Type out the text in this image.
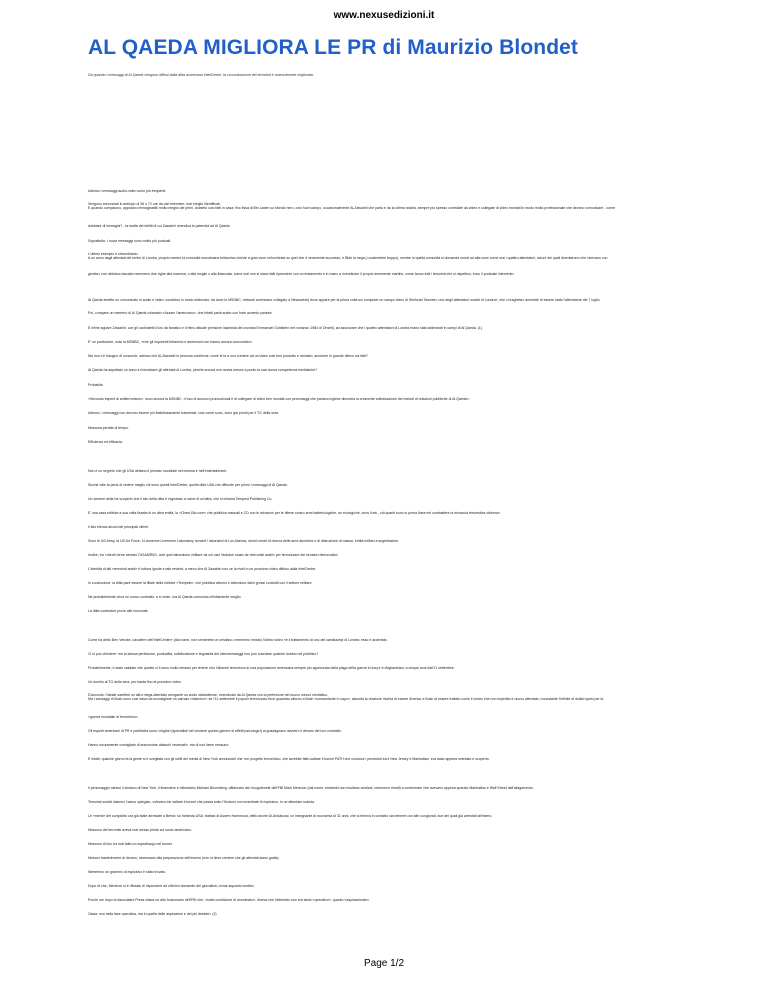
www.nexusedizioni.it
AL QAEDA MIGLIORA LE PR di Maurizio Blondet
Da quando i messaggi di Al Qaeda vengono diffusi dalla ditta americana IntelCenter, la comunicazione dei terroristi è notevolmente migliorata.

Adesso i messaggi audio-video sono più frequenti.

Vengono annunciati in anticipo di 36 o 72 ore da vari telemixer, mai meglio identificati.
E quando compaiono, appaiono immaginabili molto meglio dei primi, dotatevi così fatti in casa; fino fissa di Bin Laden su sfondo nero, così fuori campo, occasionalmente Al-Zawahiri che parla e da la ultima notizia, sempre più spesso corredate da video e collegate di video montati in modo molto professionale che devono comunicare - come

dubbiare di immagini? - la realtà dei delitti di cui Zawahiri rivendica la paternità ad Al Qaeda.

Soprattutto, i nuovi messaggi sono molto più puntuali.

L'ultimo esempio è straordinario.
A un anno dagli attentati del metrò di Londra, proprio mentre la comunità musulmana britannica chiede a gran voce un'inchiesta su quel che è veramente successo, e Blair la nega (=costerebbe troppo), mentre in quella comunità si domanda ormai ad alta voce come mai i quattro attentatori, alcuni dei quali diventarono che vivevano con

genitori, non abbiano lasciato nemmeno due righe alla mamma, o alla moglie o alla fidanzata, come mai non si siano fatti riprendere con un testamento e in mano a rivendicare il proprio imminente martirio, come fanno tutti i terroristi che si rispettino, ecco il puntuale intervento.

Al Qaeda emette un comunicato in audio e video: condiviso in modo elaborato; da dove la MSNBC, network americano collegato a Newsweek) dove appare per la prima volta sui computer un campo video di Shehzad Tanweer, uno degli attentatori suicidi di Londra», che ci tragheta» ammette di essere stato l'attentatore del 7 luglio.

Poi, compare un membro di Al Qaeda chiamato «Azzam l'americano», che infatti parla arabo con forte accento yankee.

E infine appare Zawahiri, con gli occhialetti d'oro da fanatico e il ritmo attuale (versione islamista del cronista Emmanuel Goldstein nel romanzo 1984 di Orwell), ad assicurare che i quattro attentatori di Londra erano stati addestrati in campi di Al Qaeda. (1)

E' un particolare, nota la MSNBC, «che gli inquirenti britannici e americani non hanno ancora concordato».

Ma non c'è bisogno di concorde, adesso che Al-Zawahiri in persona conferma: come si fa a non credere ad un video così ben prodotto e montato, anzicche in grande rilievo sui fatti?

Al Qaeda ha aspettato un anno a rivendicare gli attentati di Londra, perché ancora non aveva messo a punto la sua nuova competenza mediatiche?

Probabile.

«Secondo esperti di antiterrorismo», ecco ancora la MSNBC, «l'uso di annunci promozionali e di collegare di video ben montati con personaggi che parlano inglese dimostra la crescente sofisticazione dei metodi di relazioni pubbliche di Al-Qaeda».

Adesso, i messaggi non devono essere più fastidiosamente trasmessi: così come sono, sono già pronti per il TG della sera.

Nessuna perdita di tempo.

Efficienza ed efficacia.

Non è un segreto che gli USA dettano il primato mondiale nel cinema e nell'entertainment.

Sicché vale la pena di vedere meglio chi sono questi IntelCenter, quella ditta USA che diffonde per primo i messaggi di Al Qaeda.

Un sentore della ha scoperto che il sito della ditta è registrato a nome di un'altra, che si chiama Tempest Publishing Co.

E' una casa editrice a sua volta fissata di un altra entità, la «Chem-Bio.com» che pubblica manuali e CD con le istruzioni per le difese contro armi batteriologiche, un ecologiche, virus il etc., cdi quanti sono in prima linea nel combattere la minaccia terroristica odierna».

Il sito elenca alcuni dei principali clienti.

Sono le US Army, la US Air Force, il Lawrence Livermore Laboratory nonché i laboratori di Los Alamos, storici centri di ricerca delle armi atomiche e di distruzione di massa, entità militari a segretissime.

Inoltre, fra i clienti viene centato l'USAMRIID, cioè quel laboratorio militare da cui usci l'antrace usato da «terroristi arabi» per terrorizzare dei senatori democratici.

L'identità di tali «terroristi arabi» è tuttora ignota e tale resterà, a meno che Al Zawahiri non ce la riveli in un prossimo video diffuso dalla IntelCenter.

In conclusione, la ditta pare essere la filiale della editrice «Tempest», che pubblica attorno e attorniono daini grossi contratti con il settore militare.

Ne probabilmente circa un nuovo contratto, a sì vede: ora Al Qaeda comunica infinitamente meglio.

La ditta costruisce prove alle rinnovate.

Come ha detto Ben Venzke, cavaliere dell'IntelCenter» (dal nome, non sembrebe un cristiano, nemmeno rimato) l'ultimo video «è il trattamento di uno dei kamikazejz di Londra; esso è accertato.

Ci si può chiedere: ma la stessa perfezione, puntualità, sofisticazione e tegolarità del videomessaggi non può suscitare qualche dubbio nel pubblico?

Probabilmente, è stato valutato che queste ci li sono molto rimasto per tenere vivo l'allarme terrorismo in una popolazione americana sempre più agonizzata dalla piaga della guerra in Iraq e In Afghanistan, a cinque anni dall'11 settembre.

Un tonnilo al TG della sera, pur basta fino al prossimo video.

D'accordo: l'ideale sarebbe un altro mega-attentato arrogante su suolo statunitense, rivendicato da Al Qaeda con la perfezione del nuovo mezzo mediatico.
Ma i sondaggi di Bush sono così bassi da sconsigliare un carnaio «islamico»: se l'11 settembre il popolo terrorizzato fece quadrato attorno a Bush «comandante in capo», stavolta la reazione rischia di essere diversa; e Bush di essere trattato come il vostro che non impedito è nuovo attentato, nonostante l'infinite di dollari spesi per la

«guerra mondiale al terrorismo».

Gli esperti americani di PR e pubblicità sono i migliori (specialisti nel vendere questo genere di effetti psicologici) ai guadagnano davvero il denaro del loro contratto.

Hanno sicuramente consigliato di annunciare attacchi «sventati», ma di non farne nessuno.

E infatti, qualche giorno fa la gente si è svegliata con gli strilli del media di New York annunciarti che «un progetto terroristico, che avrebbe fatto saltare il tunnel PATH che conduce i pendolari tra il New Jersey e Manhattan, era stato appena sventato e scoperto.

Il personaggio stesso il sindaco di New York, il finanziere e miliardario Michael Bloomberg, affiancato dal «luogotenete dell'FBI Mark Mershon (dal nome, entrambi non risultano cristiani, nemmeno rimati) a confermare che avevano appena sparato Manhattan e Wall Street dall'allagamento.

Terroristi suicidi islamici, hanno spiegato, volevano far saltare il tunnel che passa sotto l'Hudson con tonnellate di esplosivo, in un attentato suicida.

Le «menti» del complotto ora già state arrestate a Beirut; su richiesta USA: trattasi di Assem Hammoud, detto anche Al-Andalousi, un insegnante di economia di 31 anni, che si teneva in contatto via internet con altri congiurati, due dei quali già arrestati all'estero.

Nessuno dei terroristi aveva mai messo piede sul suolo americano.

Nessuno di loro ha mai fatto un sopralluogo nel tunnel.

Nessun trasferimento di denaro, necessario alla preparazione dell'evento (non si deve credere che gli attentati siano gratis).

Nemmeno un grammo di esplosivo è stato trovato.

Dopo di che, Mershon si è rifiutato di rispondere ad ulteriori domande dei giornalisti, ormai alquanto scettici.

Poche ore dopo la Associated Press citava un alto funzionario dell'FBI che, «sotto condizione di anonimato», diceva che l'attentato non era tanto «operativo», quanto «aspirazionale».

Ossia: non nella fase operativa, ma in quella delle aspirazioni e dei più desideri. (2)

Page 1/2
